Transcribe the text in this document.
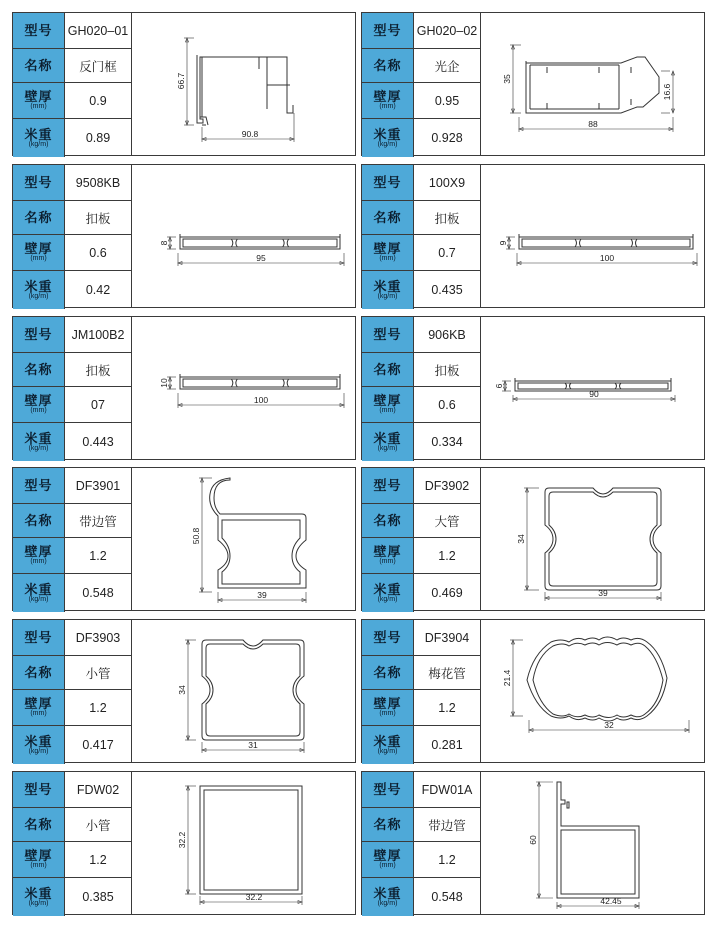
型号 GH020–01
名称	反门框
壁厚
(mm)	0.9
米重
(kg/m)	0.89
66.7
90.8
型号 GH020–02
名称	光企
壁厚
(mm)	0.95
米重
(kg/m)	0.928
35
16.6
88
型号	9508KB
名称	扣板
壁厚
(mm)	0.6
米重
(kg/m)	0.42
8
95
型号	100X9
名称	扣板
壁厚
(mm)	0.7
米重
(kg/m)	0.435
9
100
型号	JM100B2
名称	扣板
壁厚
(mm)	07
米重
(kg/m)	0.443
10
100
型号	906KB
名称	扣板
壁厚
(mm)	0.6
米重
(kg/m)	0.334
6
90
型号	DF3901
名称	带边管
壁厚
(mm)	1.2
米重
(kg/m)	0.548
50.8
39
型号	DF3902
名称	大管
壁厚
(mm)	1.2
米重
(kg/m)	0.469
34
39
型号	DF3903
名称	小管
壁厚
(mm)	1.2
米重
(kg/m)	0.417
34
31
型号	DF3904
名称	梅花管
壁厚
(mm)	1.2
米重
(kg/m)	0.281
21.4
32
型号	FDW02
名称	小管
壁厚
(mm)	1.2
米重
(kg/m)	0.385
32.2
32.2
型号	FDW01A
名称	带边管
壁厚
(mm)	1.2
米重
(kg/m)	0.548
60
42.45
